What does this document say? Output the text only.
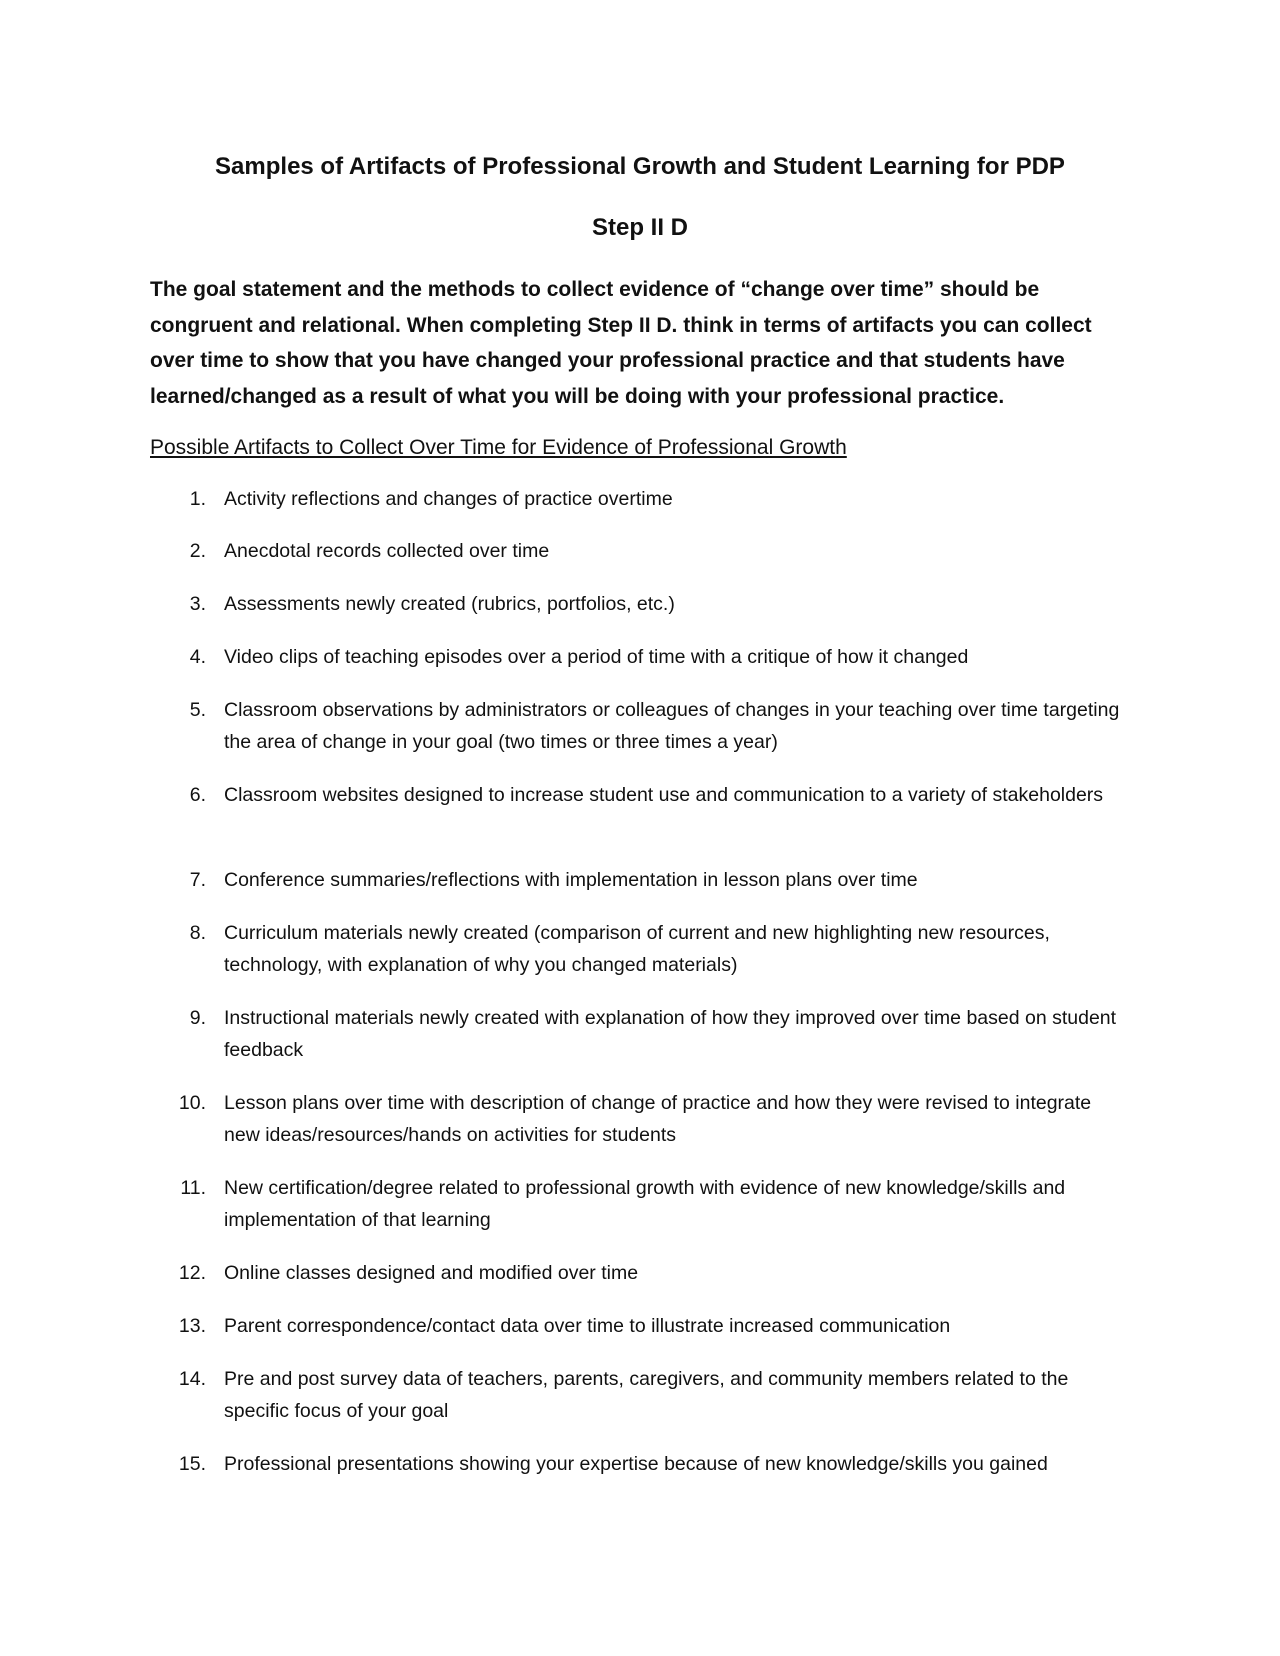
Samples of Artifacts of Professional Growth and Student Learning for PDP
Step II D

The goal statement and the methods to collect evidence of “change over time” should be congruent and relational. When completing Step II D. think in terms of artifacts you can collect over time to show that you have changed your professional practice and that students have learned/changed as a result of what you will be doing with your professional practice.

Possible Artifacts to Collect Over Time for Evidence of Professional Growth

1. Activity reflections and changes of practice overtime
2. Anecdotal records collected over time
3. Assessments newly created (rubrics, portfolios, etc.)
4. Video clips of teaching episodes over a period of time with a critique of how it changed
5. Classroom observations by administrators or colleagues of changes in your teaching over time targeting the area of change in your goal (two times or three times a year)
6. Classroom websites designed to increase student use and communication to a variety of stakeholders
7. Conference summaries/reflections with implementation in lesson plans over time
8. Curriculum materials newly created (comparison of current and new highlighting new resources, technology, with explanation of why you changed materials)
9. Instructional materials newly created with explanation of how they improved over time based on student feedback
10. Lesson plans over time with description of change of practice and how they were revised to integrate new ideas/resources/hands on activities for students
11. New certification/degree related to professional growth with evidence of new knowledge/skills and implementation of that learning
12. Online classes designed and modified over time
13. Parent correspondence/contact data over time to illustrate increased communication
14. Pre and post survey data of teachers, parents, caregivers, and community members related to the specific focus of your goal
15. Professional presentations showing your expertise because of new knowledge/skills you gained
